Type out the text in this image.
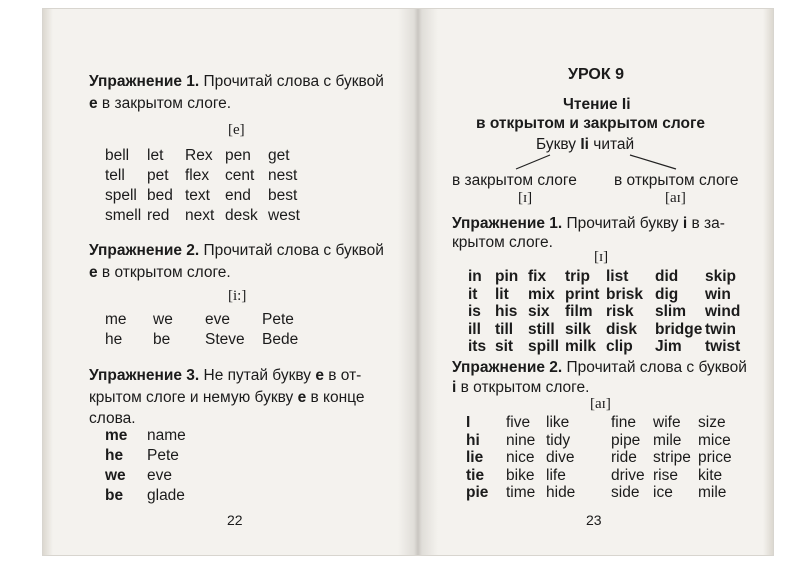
Упражнение 1. Прочитай слова с буквой
e в закрытом слоге.
[e]
bell let Rex pen get
tell pet flex cent nest
spell bed text end best
smell red next desk west
Упражнение 2. Прочитай слова с буквой
e в открытом слоге.
[i:]
me we eve Pete
he be Steve Bede
Упражнение 3. Не путай букву e в от-
крытом слоге и немую букву e в конце
слова.
me name
he Pete
we eve
be glade
22
УРОК 9
Чтение Ii
в открытом и закрытом слоге
Букву Ii читай
в закрытом слоге
[ɪ]
в открытом слоге
[aɪ]
Упражнение 1. Прочитай букву i в за-
крытом слоге.
[ɪ]
in pin fix trip list did skip
it lit mix print brisk dig win
is his six film risk slim wind
ill till still silk disk bridge twin
its sit spill milk clip Jim twist
Упражнение 2. Прочитай слова с буквой
i в открытом слоге.
[aɪ]
I five like	fine wife size
hi nine tidy	pipe mile mice
lie nice dive ride stripe price
tie bike life	drive rise kite
pie time hide side ice mile
23
